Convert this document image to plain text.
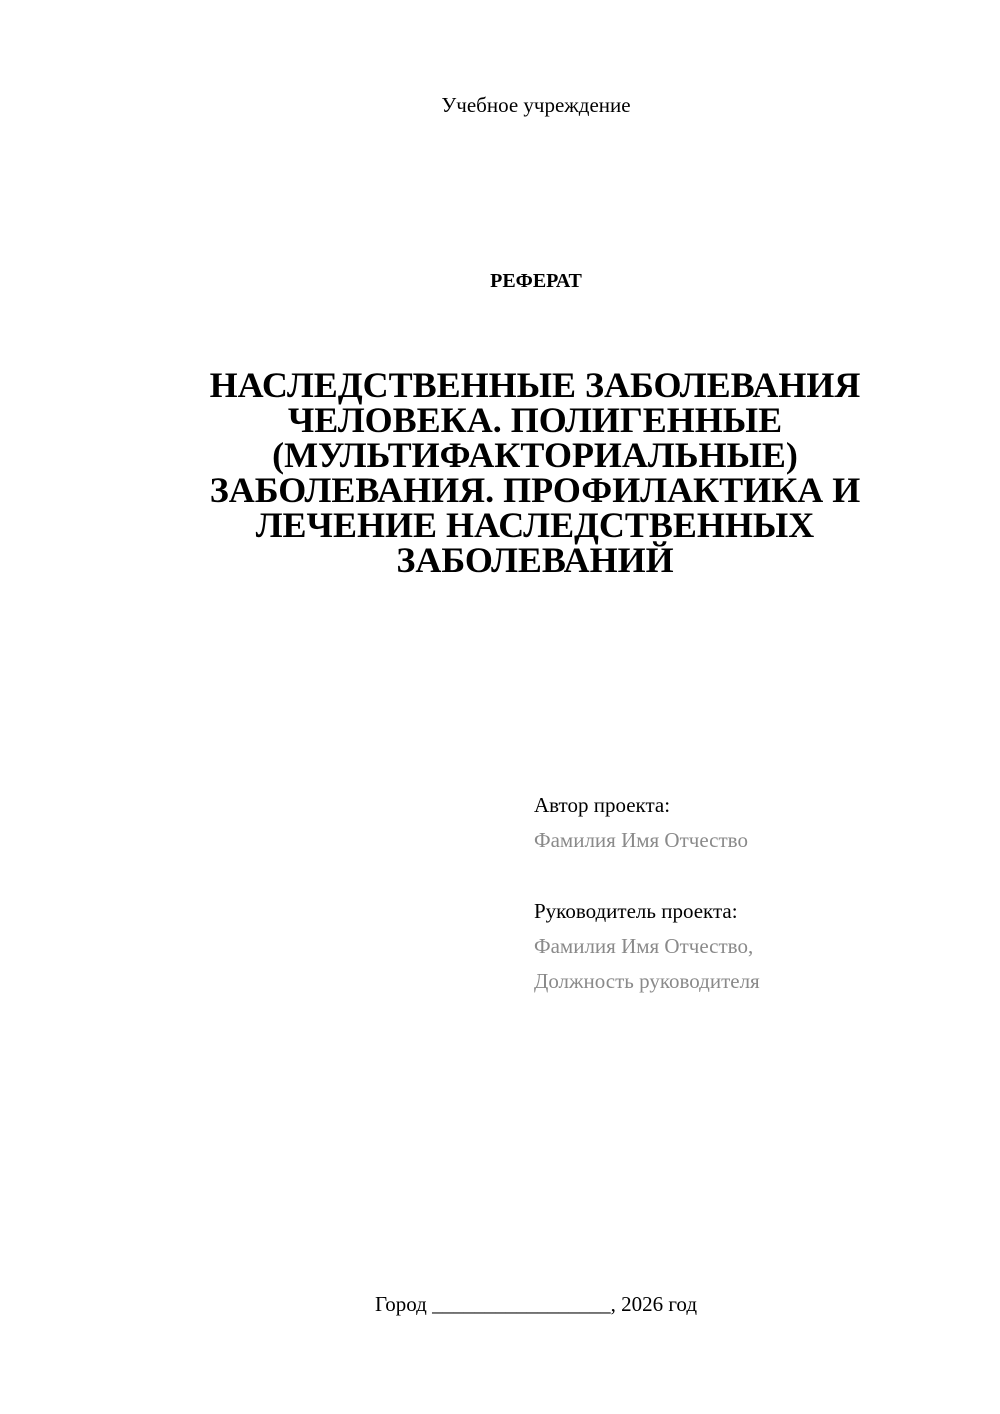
Учебное учреждение
РЕФЕРАТ
НАСЛЕДСТВЕННЫЕ ЗАБОЛЕВАНИЯ
ЧЕЛОВЕКА. ПОЛИГЕННЫЕ
(МУЛЬТИФАКТОРИАЛЬНЫЕ)
ЗАБОЛЕВАНИЯ. ПРОФИЛАКТИКА И
ЛЕЧЕНИЕ НАСЛЕДСТВЕННЫХ
ЗАБОЛЕВАНИЙ
Автор проекта:
Фамилия Имя Отчество
Руководитель проекта:
Фамилия Имя Отчество,
Должность руководителя
Город _________________, 2026 год
